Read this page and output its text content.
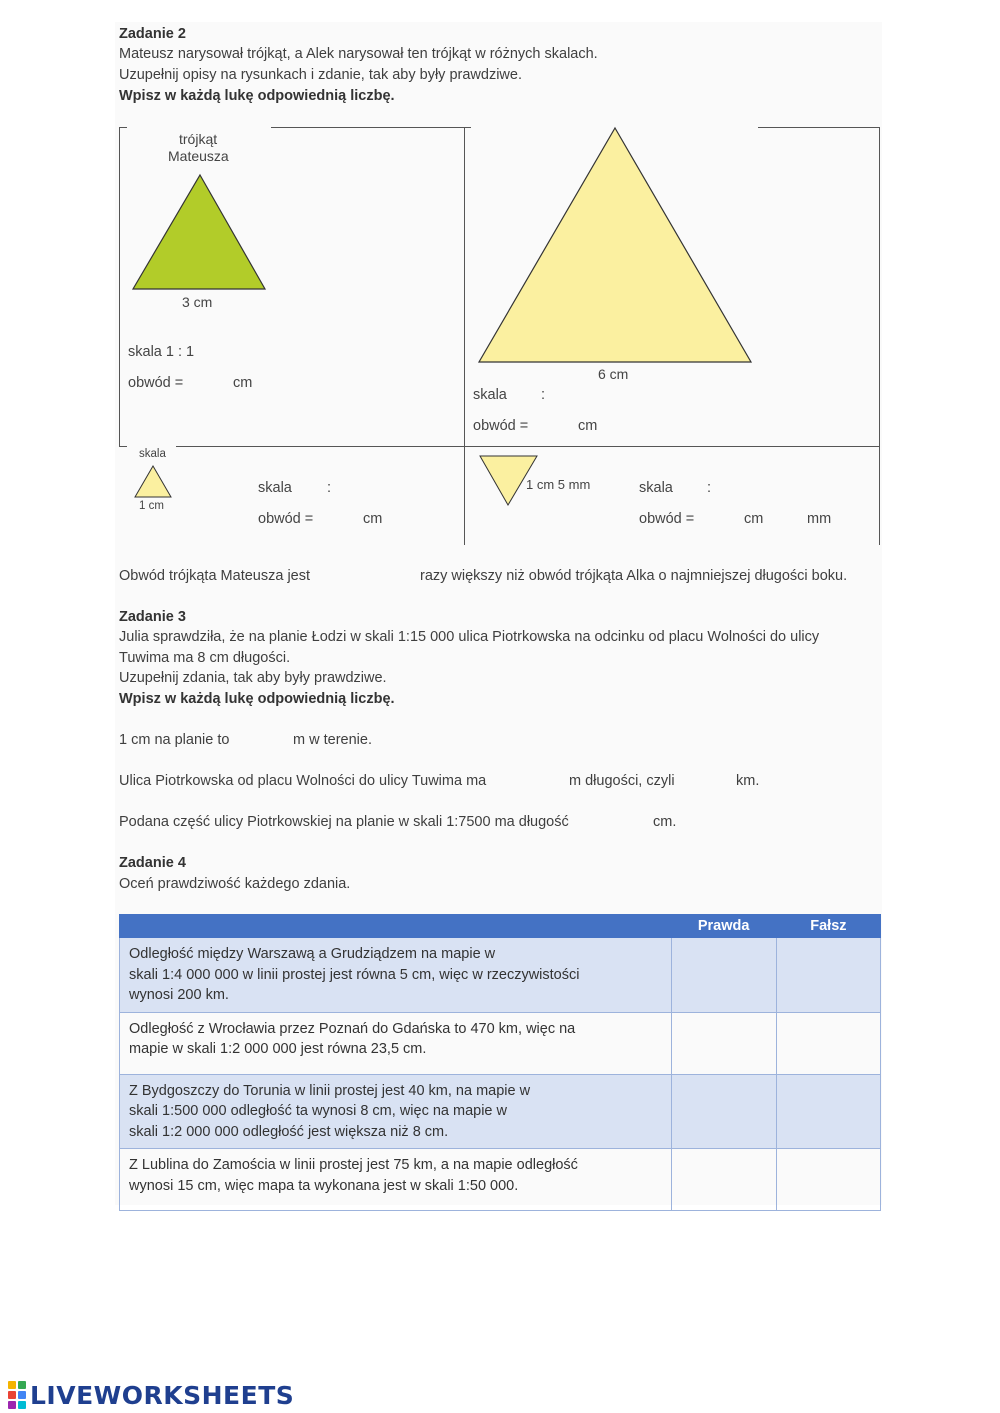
Zadanie 2
Mateusz narysował trójkąt, a Alek narysował ten trójkąt w różnych skalach.
Uzupełnij opisy na rysunkach i zdanie, tak aby były prawdziwe.
Wpisz w każdą lukę odpowiednią liczbę.
trójkąt
Mateusza
3 cm
skala 1 : 1
obwód =	cm
6 cm
skala :
obwód =	cm
skala
1 cm
skala :
obwód =	cm
1 cm 5 mm	skala :
obwód =	cm	mm
Obwód trójkąta Mateusza jest	razy większy niż obwód trójkąta Alka o najmniejszej długości boku.
Zadanie 3
Julia sprawdziła, że na planie Łodzi w skali 1:15 000 ulica Piotrkowska na odcinku od placu Wolności do ulicy
Tuwima ma 8 cm długości.
Uzupełnij zdania, tak aby były prawdziwe.
Wpisz w każdą lukę odpowiednią liczbę.
1 cm na planie to	m w terenie.
Ulica Piotrkowska od placu Wolności do ulicy Tuwima ma	m długości, czyli	km.
Podana część ulicy Piotrkowskiej na planie w skali 1:7500 ma długość	cm.
Zadanie 4
Oceń prawdziwość każdego zdania.
	Prawda	Fałsz

Odległość między Warszawą a Grudziądzem na mapie w
skali 1:4 000 000 w linii prostej jest równa 5 cm, więc w rzeczywistości
wynosi 200 km.		

Odległość z Wrocławia przez Poznań do Gdańska to 470 km, więc na
mapie w skali 1:2 000 000 jest równa 23,5 cm.		

Z Bydgoszczy do Torunia w linii prostej jest 40 km, na mapie w
skali 1:500 000 odległość ta wynosi 8 cm, więc na mapie w
skali 1:2 000 000 odległość jest większa niż 8 cm.		

Z Lublina do Zamościa w linii prostej jest 75 km, a na mapie odległość
wynosi 15 cm, więc mapa ta wykonana jest w skali 1:50 000.		

LIVEWORKSHEETS
